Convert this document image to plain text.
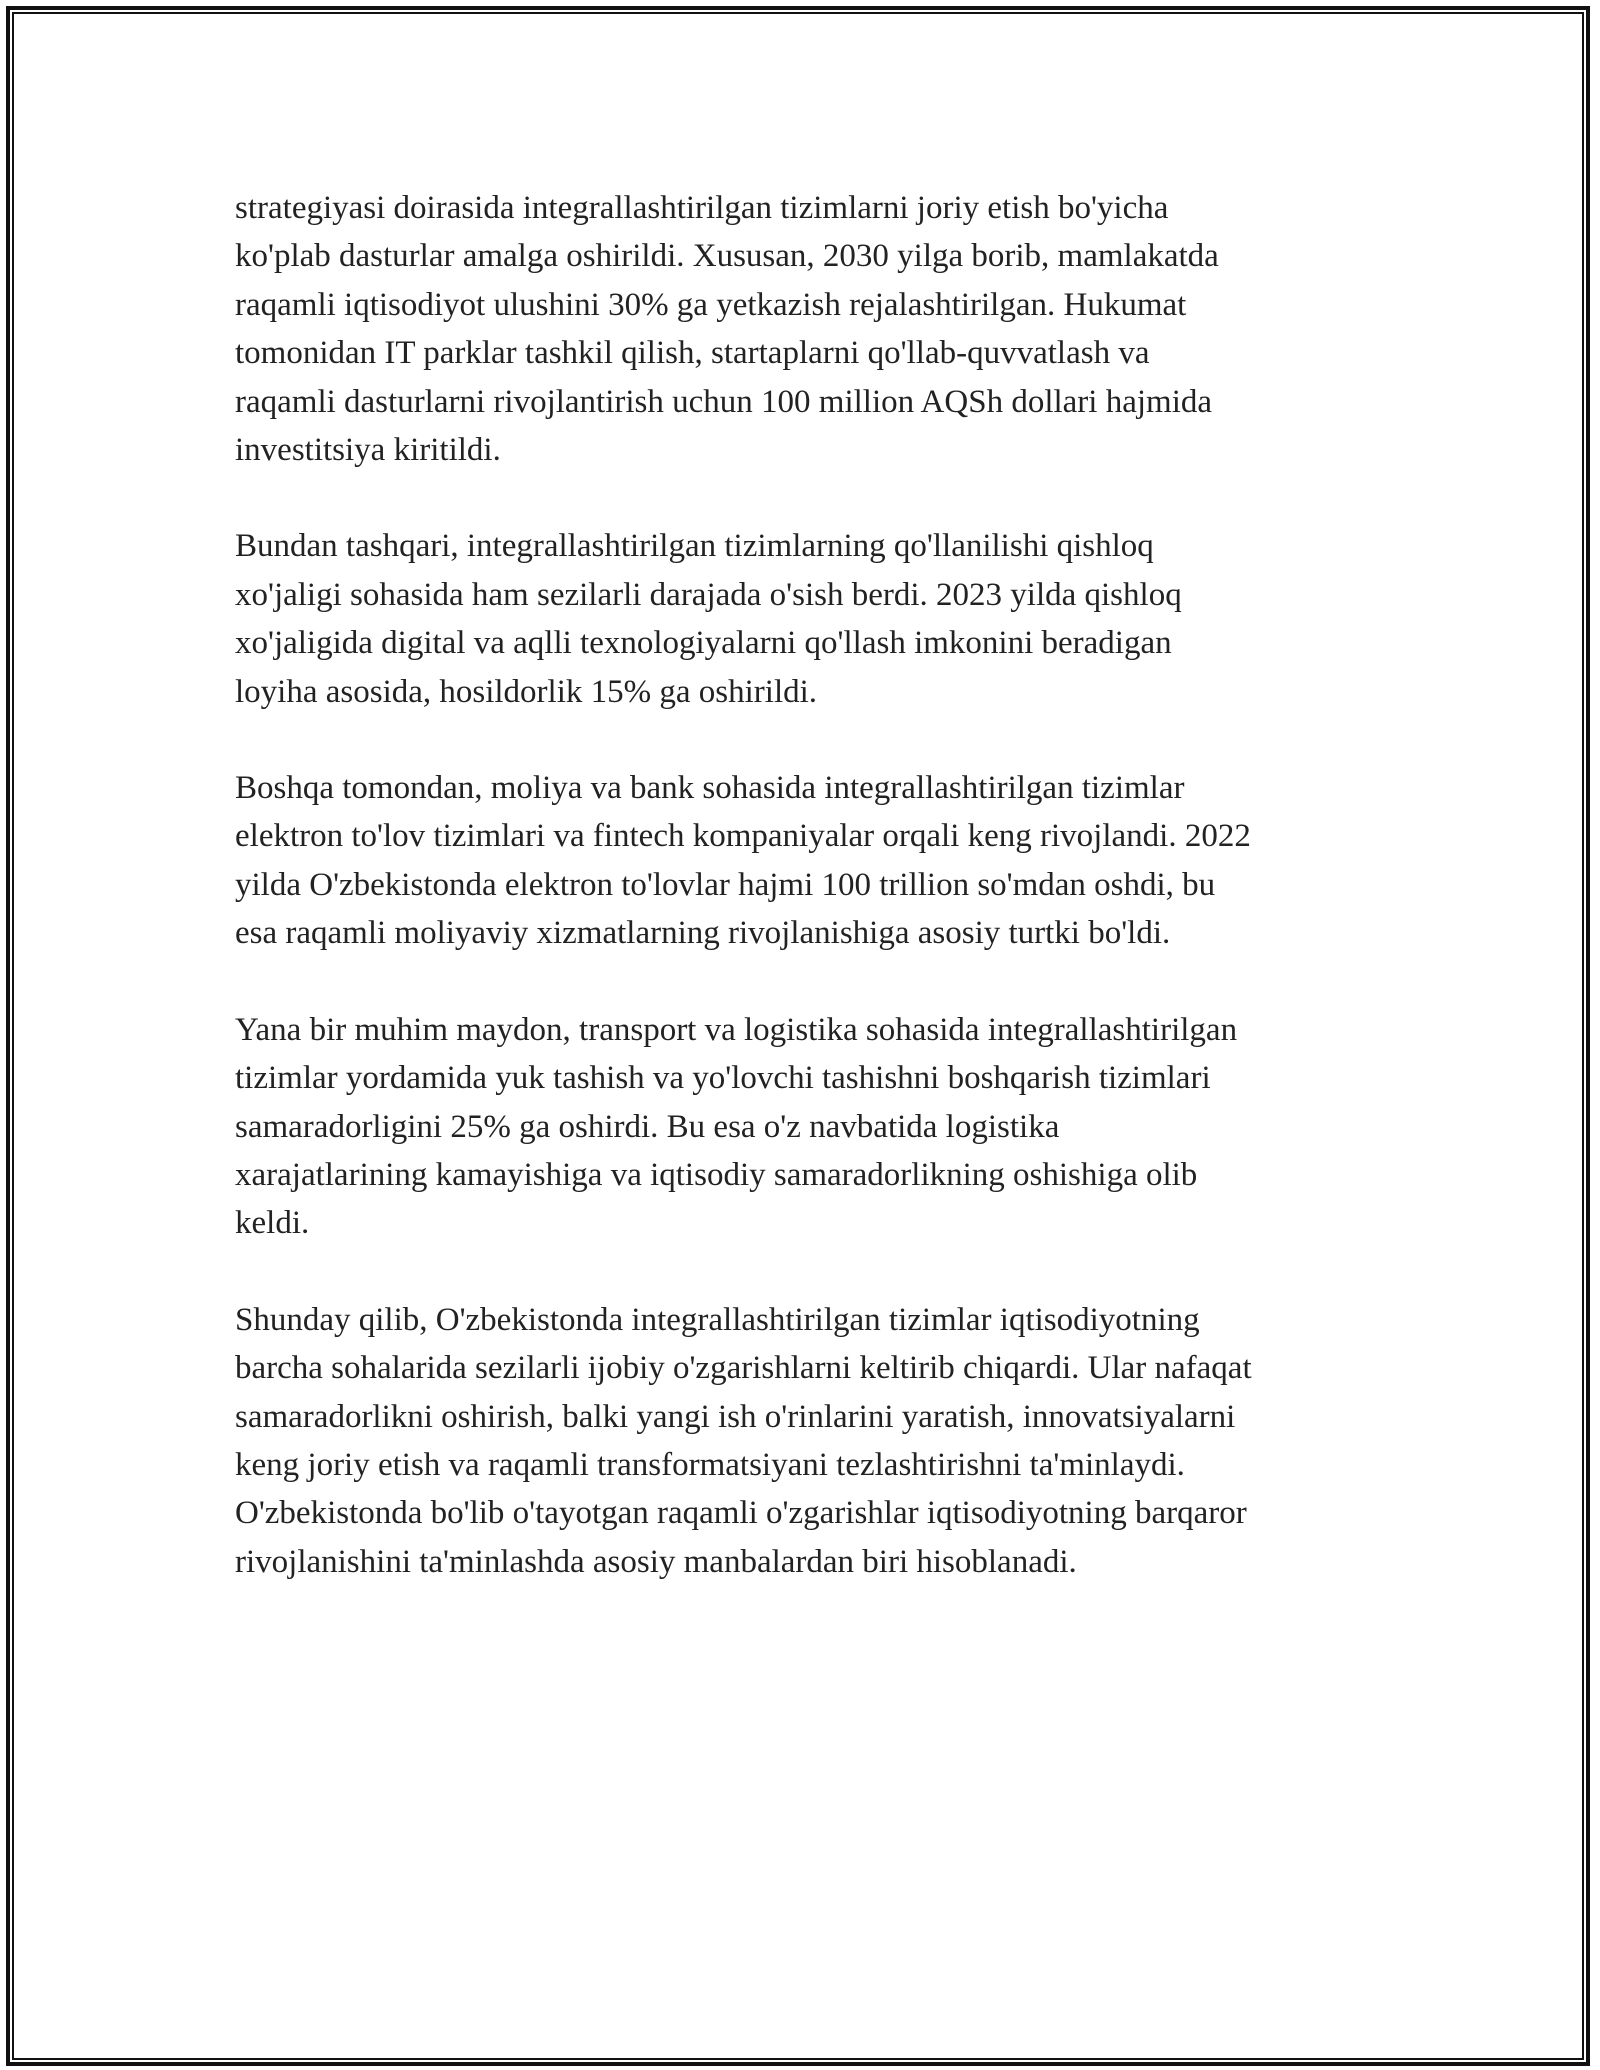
strategiyasi doirasida integrallashtirilgan tizimlarni joriy etish bo'yicha
ko'plab dasturlar amalga oshirildi. Xususan, 2030 yilga borib, mamlakatda
raqamli iqtisodiyot ulushini 30% ga yetkazish rejalashtirilgan. Hukumat
tomonidan IT parklar tashkil qilish, startaplarni qo'llab-quvvatlash va
raqamli dasturlarni rivojlantirish uchun 100 million AQSh dollari hajmida
investitsiya kiritildi.

Bundan tashqari, integrallashtirilgan tizimlarning qo'llanilishi qishloq
xo'jaligi sohasida ham sezilarli darajada o'sish berdi. 2023 yilda qishloq
xo'jaligida digital va aqlli texnologiyalarni qo'llash imkonini beradigan
loyiha asosida, hosildorlik 15% ga oshirildi.

Boshqa tomondan, moliya va bank sohasida integrallashtirilgan tizimlar
elektron to'lov tizimlari va fintech kompaniyalar orqali keng rivojlandi. 2022
yilda O'zbekistonda elektron to'lovlar hajmi 100 trillion so'mdan oshdi, bu
esa raqamli moliyaviy xizmatlarning rivojlanishiga asosiy turtki bo'ldi.

Yana bir muhim maydon, transport va logistika sohasida integrallashtirilgan
tizimlar yordamida yuk tashish va yo'lovchi tashishni boshqarish tizimlari
samaradorligini 25% ga oshirdi. Bu esa o'z navbatida logistika
xarajatlarining kamayishiga va iqtisodiy samaradorlikning oshishiga olib
keldi.

Shunday qilib, O'zbekistonda integrallashtirilgan tizimlar iqtisodiyotning
barcha sohalarida sezilarli ijobiy o'zgarishlarni keltirib chiqardi. Ular nafaqat
samaradorlikni oshirish, balki yangi ish o'rinlarini yaratish, innovatsiyalarni
keng joriy etish va raqamli transformatsiyani tezlashtirishni ta'minlaydi.
O'zbekistonda bo'lib o'tayotgan raqamli o'zgarishlar iqtisodiyotning barqaror
rivojlanishini ta'minlashda asosiy manbalardan biri hisoblanadi.
